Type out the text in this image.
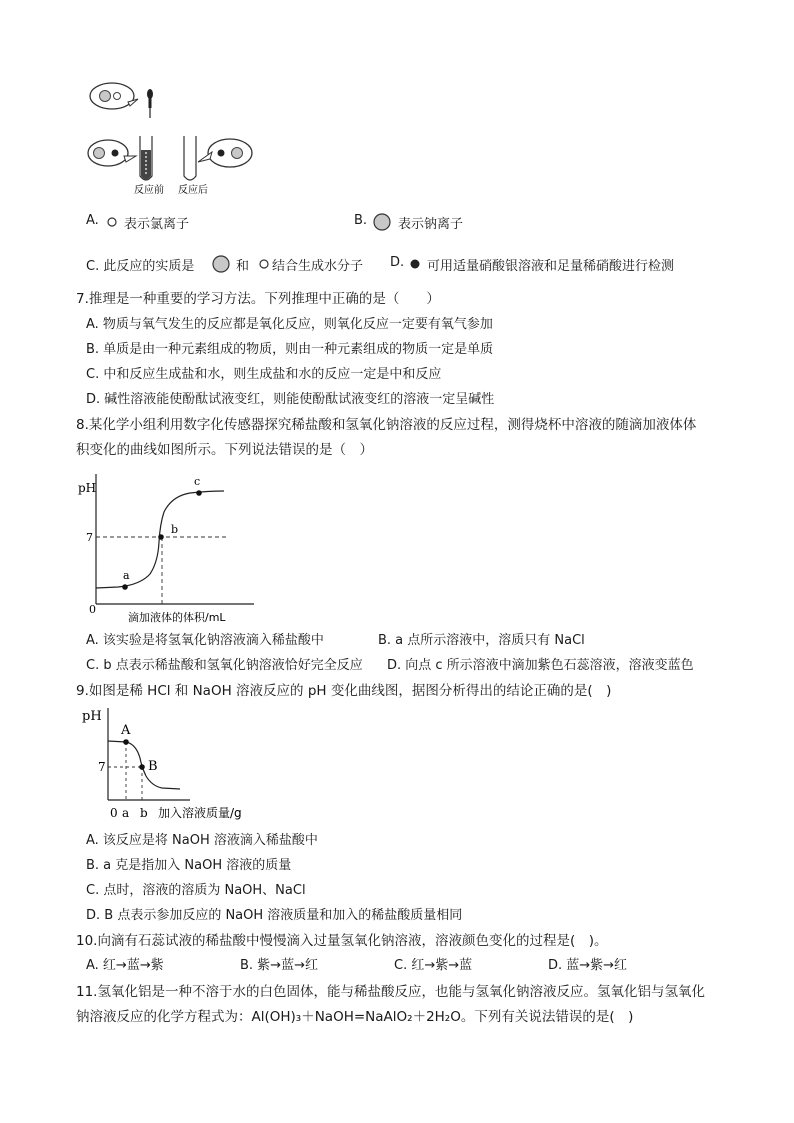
反应前 反应后
A. 表示氯离子	B. 表示钠离子
C. 此反应的实质是	和 结合生成水分子 D. 可用适量硝酸银溶液和足量稀硝酸进行检测
7.推理是一种重要的学习方法。下列推理中正确的是（　　）
A. 物质与氧气发生的反应都是氧化反应，则氧化反应一定要有氧气参加
B. 单质是由一种元素组成的物质，则由一种元素组成的物质一定是单质
C. 中和反应生成盐和水，则生成盐和水的反应一定是中和反应
D. 碱性溶液能使酚酞试液变红，则能使酚酞试液变红的溶液一定呈碱性
8.某化学小组利用数字化传感器探究稀盐酸和氢氧化钠溶液的反应过程，测得烧杯中溶液的随滴加液体体
积变化的曲线如图所示。下列说法错误的是（　）
pH
7
0
a
b
c
滴加液体的体积/mL
A. 该实验是将氢氧化钠溶液滴入稀盐酸中	B. a 点所示溶液中，溶质只有 NaCl
C. b 点表示稀盐酸和氢氧化钠溶液恰好完全反应 D. 向点 c 所示溶液中滴加紫色石蕊溶液，溶液变蓝色
9.如图是稀 HCl 和 NaOH 溶液反应的 pH 变化曲线图，据图分析得出的结论正确的是(　)
pH
7
A
B
0 a b 加入溶液质量/g
A. 该反应是将 NaOH 溶液滴入稀盐酸中
B. a 克是指加入 NaOH 溶液的质量
C. 点时，溶液的溶质为 NaOH、NaCl
D. B 点表示参加反应的 NaOH 溶液质量和加入的稀盐酸质量相同
10.向滴有石蕊试液的稀盐酸中慢慢滴入过量氢氧化钠溶液，溶液颜色变化的过程是(　)。
A. 红→蓝→紫	B. 紫→蓝→红	C. 红→紫→蓝	D. 蓝→紫→红
11.氢氧化铝是一种不溶于水的白色固体，能与稀盐酸反应，也能与氢氧化钠溶液反应。氢氧化铝与氢氧化
钠溶液反应的化学方程式为：Al(OH)₃＋NaOH=NaAlO₂＋2H₂O。下列有关说法错误的是(　)
